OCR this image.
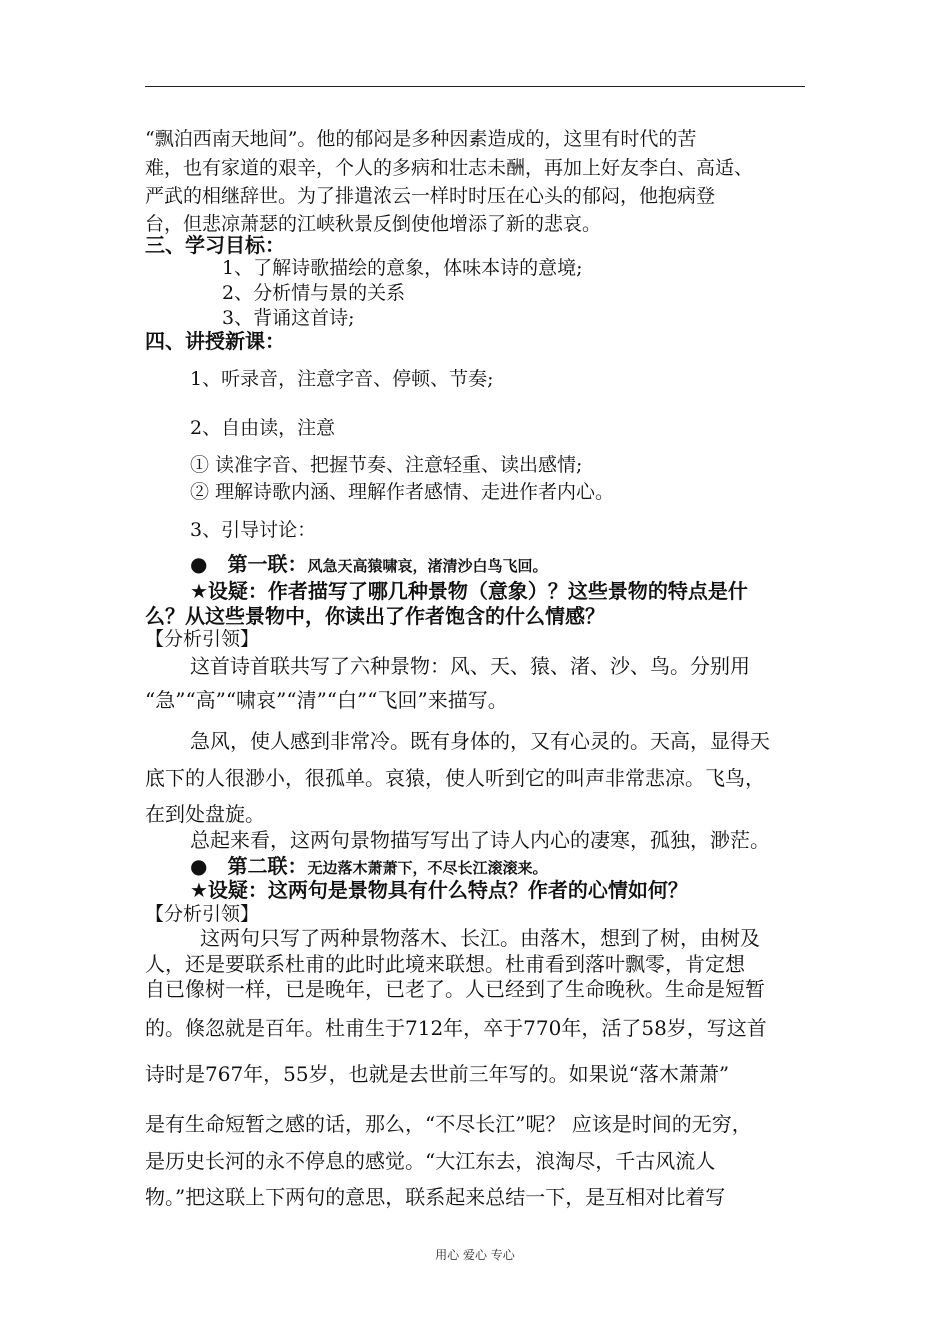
“飘泊西南天地间”。他的郁闷是多种因素造成的，这里有时代的苦
难，也有家道的艰辛，个人的多病和壮志未酬，再加上好友李白、高适、
严武的相继辞世。为了排遣浓云一样时时压在心头的郁闷，他抱病登
台，但悲凉萧瑟的江峡秋景反倒使他增添了新的悲哀。
三、学习目标：
1、了解诗歌描绘的意象，体味本诗的意境;
2、分析情与景的关系
3、背诵这首诗;
四、讲授新课：
1、听录音，注意字音、停顿、节奏;
2、自由读，注意
① 读准字音、把握节奏、注意轻重、读出感情;
② 理解诗歌内涵、理解作者感情、走进作者内心。
3、引导讨论：
●　第一联：风急天高猿啸哀，渚清沙白鸟飞回。
★设疑：作者描写了哪几种景物（意象）？这些景物的特点是什
么？从这些景物中，你读出了作者饱含的什么情感？
【分析引领】
这首诗首联共写了六种景物：风、天、猿、渚、沙、鸟。分别用
“急”“高”“啸哀”“清”“白”“飞回”来描写。
急风，使人感到非常冷。既有身体的，又有心灵的。天高，显得天
底下的人很渺小，很孤单。哀猿，使人听到它的叫声非常悲凉。飞鸟，
在到处盘旋。
总起来看，这两句景物描写写出了诗人内心的凄寒，孤独，渺茫。
●　第二联：无边落木萧萧下，不尽长江滚滚来。
★设疑：这两句是景物具有什么特点？作者的心情如何？
【分析引领】
这两句只写了两种景物落木、长江。由落木，想到了树，由树及
人，还是要联系杜甫的此时此境来联想。杜甫看到落叶飘零，肯定想
自已像树一样，已是晚年，已老了。人已经到了生命晚秋。生命是短暂
的。倏忽就是百年。杜甫生于712年，卒于770年，活了58岁，写这首
诗时是767年，55岁，也就是去世前三年写的。如果说“落木萧萧”
是有生命短暂之感的话，那么，“不尽长江”呢？ 应该是时间的无穷，
是历史长河的永不停息的感觉。“大江东去，浪淘尽，千古风流人
物。”把这联上下两句的意思，联系起来总结一下，是互相对比着写
用心 爱心 专心
